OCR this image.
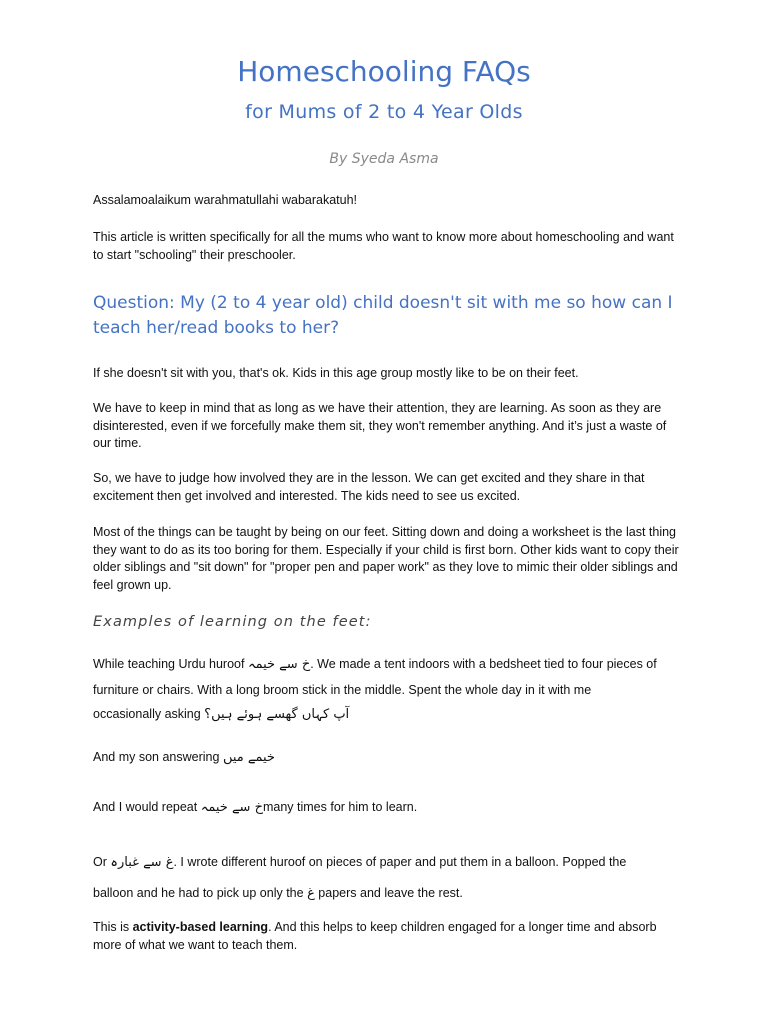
Homeschooling FAQs
for Mums of 2 to 4 Year Olds
By Syeda Asma

Assalamoalaikum warahmatullahi wabarakatuh!

This article is written specifically for all the mums who want to know more about homeschooling and want to start "schooling" their preschooler.

Question: My (2 to 4 year old) child doesn't sit with me so how can I teach her/read books to her?

If she doesn't sit with you, that's ok. Kids in this age group mostly like to be on their feet.

We have to keep in mind that as long as we have their attention, they are learning. As soon as they are disinterested, even if we forcefully make them sit, they won't remember anything. And it’s just a waste of our time.

So, we have to judge how involved they are in the lesson. We can get excited and they share in that excitement then get involved and interested. The kids need to see us excited.

Most of the things can be taught by being on our feet. Sitting down and doing a worksheet is the last thing they want to do as its too boring for them. Especially if your child is first born. Other kids want to copy their older siblings and "sit down" for "proper pen and paper work" as they love to mimic their older siblings and feel grown up.

Examples of learning on the feet:

While teaching Urdu huroof خ سے خیمہ. We made a tent indoors with a bedsheet tied to four pieces of
furniture or chairs. With a long broom stick in the middle. Spent the whole day in it with me
occasionally asking آپ کہاں گھسے ہوئے ہیں؟

And my son answering خیمے میں

And I would repeat خ سے خیمہmany times for him to learn.

Or غ سے غبارہ. I wrote different huroof on pieces of paper and put them in a balloon. Popped the
balloon and he had to pick up only the غ papers and leave the rest.

This is activity-based learning. And this helps to keep children engaged for a longer time and absorb more of what we want to teach them.
